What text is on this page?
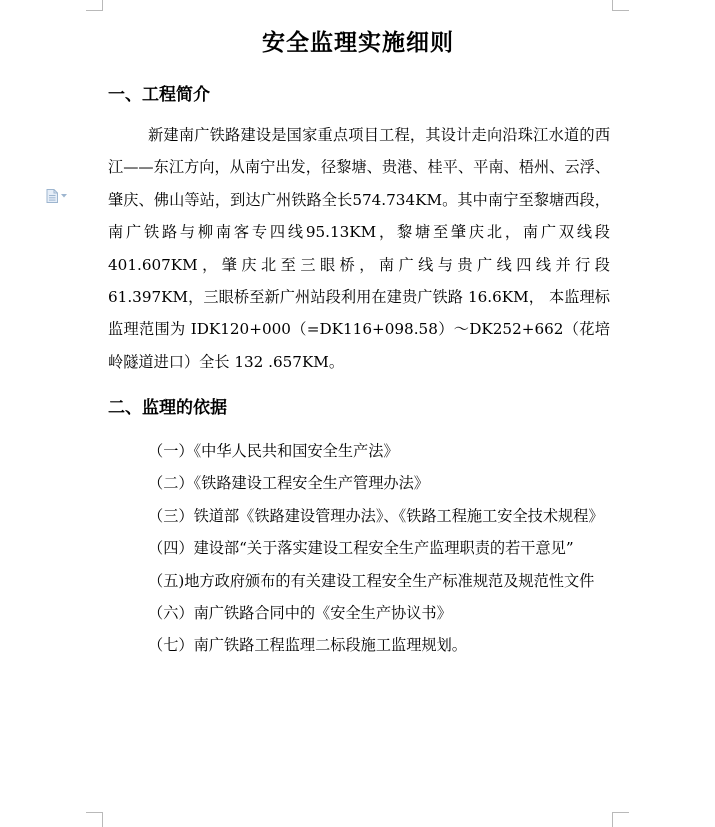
安全监理实施细则
一、工程简介

新建南广铁路建设是国家重点项目工程，其设计走向沿珠江水道的西江——东江方向，从南宁出发，径黎塘、贵港、桂平、平南、梧州、云浮、肇庆、佛山等站，到达广州铁路全长574.734KM。其中南宁至黎塘西段，南广铁路与柳南客专四线95.13KM，黎塘至肇庆北，南广双线段 401.607KM，肇庆北至三眼桥，南广线与贵广线四线并行段 61.397KM，三眼桥至新广州站段利用在建贵广铁路 16.6KM， 本监理标监理范围为 IDK120+000（=DK116+098.58）～DK252+662（花培岭隧道进口）全长 132 .657KM。

二、监理的依据

（一）《中华人民共和国安全生产法》

（二）《铁路建设工程安全生产管理办法》

（三）铁道部《铁路建设管理办法》、《铁路工程施工安全技术规程》

（四）建设部“关于落实建设工程安全生产监理职责的若干意见”

（五)地方政府颁布的有关建设工程安全生产标准规范及规范性文件

（六）南广铁路合同中的《安全生产协议书》

（七）南广铁路工程监理二标段施工监理规划。
